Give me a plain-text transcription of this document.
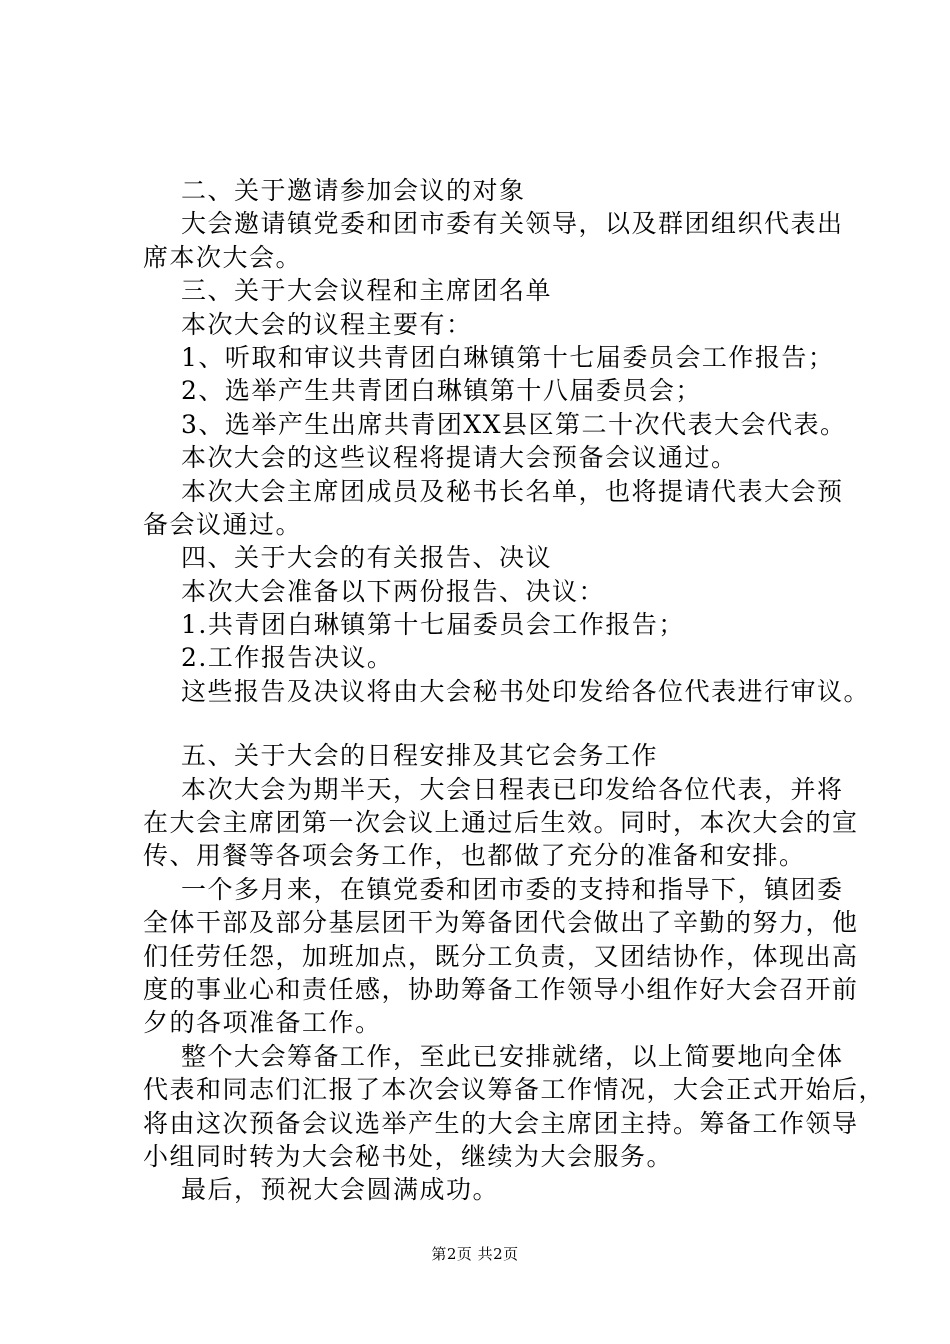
二、关于邀请参加会议的对象
大会邀请镇党委和团市委有关领导，以及群团组织代表出
席本次大会。
三、关于大会议程和主席团名单
本次大会的议程主要有：
1、听取和审议共青团白琳镇第十七届委员会工作报告；
2、选举产生共青团白琳镇第十八届委员会；
3、选举产生出席共青团XX县区第二十次代表大会代表。
本次大会的这些议程将提请大会预备会议通过。
本次大会主席团成员及秘书长名单，也将提请代表大会预
备会议通过。
四、关于大会的有关报告、决议
本次大会准备以下两份报告、决议：
1.共青团白琳镇第十七届委员会工作报告；
2.工作报告决议。
这些报告及决议将由大会秘书处印发给各位代表进行审议。
五、关于大会的日程安排及其它会务工作
本次大会为期半天，大会日程表已印发给各位代表，并将
在大会主席团第一次会议上通过后生效。同时，本次大会的宣
传、用餐等各项会务工作，也都做了充分的准备和安排。
一个多月来，在镇党委和团市委的支持和指导下，镇团委
全体干部及部分基层团干为筹备团代会做出了辛勤的努力，他
们任劳任怨，加班加点，既分工负责，又团结协作，体现出高
度的事业心和责任感，协助筹备工作领导小组作好大会召开前
夕的各项准备工作。
整个大会筹备工作，至此已安排就绪，以上简要地向全体
代表和同志们汇报了本次会议筹备工作情况，大会正式开始后，
将由这次预备会议选举产生的大会主席团主持。筹备工作领导
小组同时转为大会秘书处，继续为大会服务。
最后，预祝大会圆满成功。
第2页 共2页
